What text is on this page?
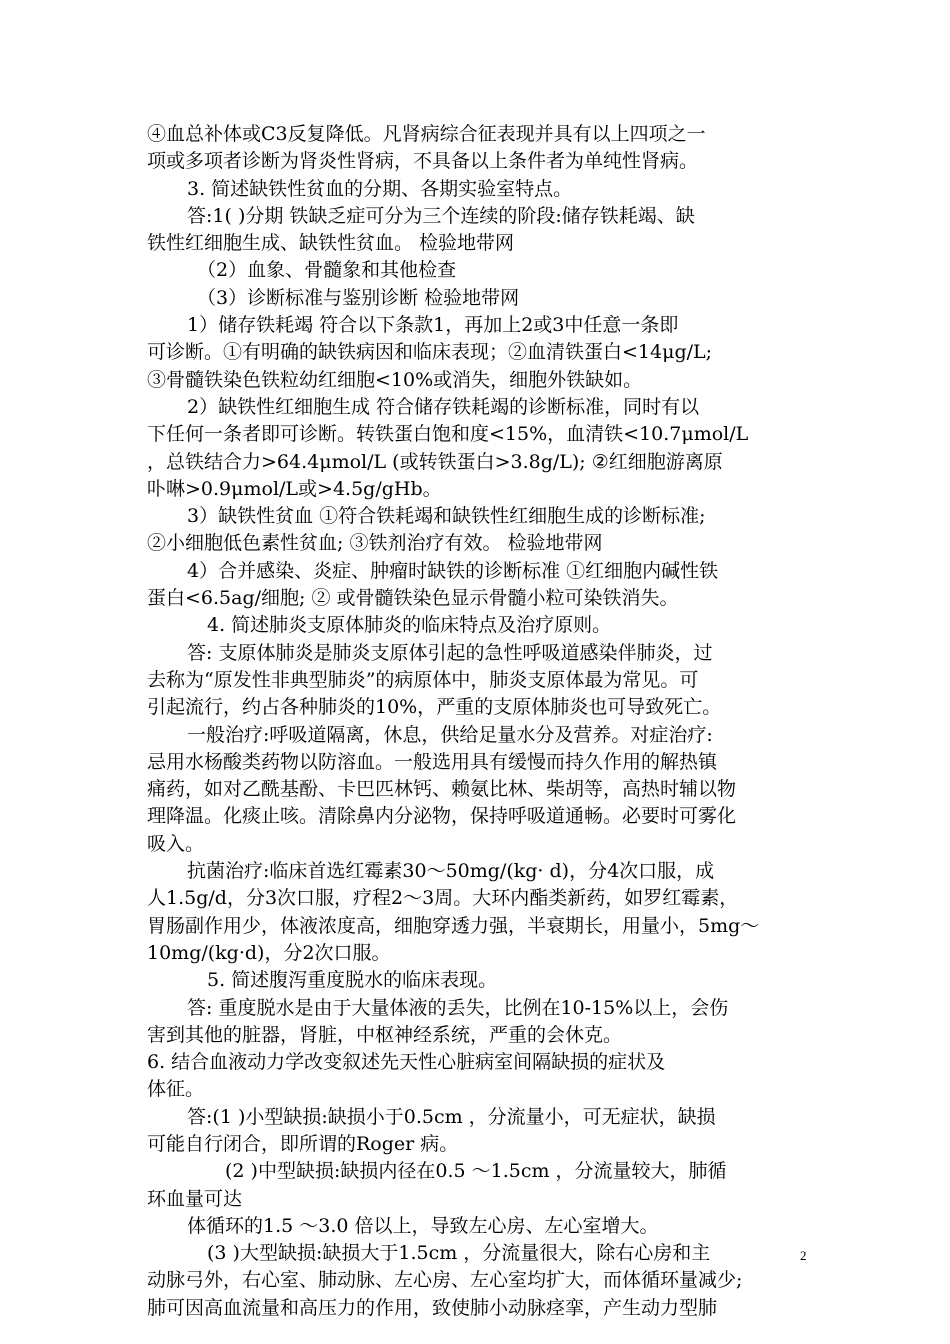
④血总补体或C3反复降低。凡肾病综合征表现并具有以上四项之一
项或多项者诊断为肾炎性肾病，不具备以上条件者为单纯性肾病。
3. 简述缺铁性贫血的分期、各期实验室特点。
答:1( )分期 铁缺乏症可分为三个连续的阶段:储存铁耗竭、缺
铁性红细胞生成、缺铁性贫血。 检验地带网
（2）血象、骨髓象和其他检查
（3）诊断标准与鉴别诊断 检验地带网
1）储存铁耗竭 符合以下条款1，再加上2或3中任意一条即
可诊断。①有明确的缺铁病因和临床表现；②血清铁蛋白<14μg/L;
③骨髓铁染色铁粒幼红细胞<10%或消失，细胞外铁缺如。
2）缺铁性红细胞生成 符合储存铁耗竭的诊断标准，同时有以
下任何一条者即可诊断。转铁蛋白饱和度<15%，血清铁<10.7μmol/L
，总铁结合力>64.4μmol/L (或转铁蛋白>3.8g/L); ②红细胞游离原
卟啉>0.9μmol/L或>4.5g/gHb。
3）缺铁性贫血 ①符合铁耗竭和缺铁性红细胞生成的诊断标准;
②小细胞低色素性贫血; ③铁剂治疗有效。 检验地带网
4）合并感染、炎症、肿瘤时缺铁的诊断标准 ①红细胞内碱性铁
蛋白<6.5ag/细胞; ② 或骨髓铁染色显示骨髓小粒可染铁消失。
4. 简述肺炎支原体肺炎的临床特点及治疗原则。
答: 支原体肺炎是肺炎支原体引起的急性呼吸道感染伴肺炎，过
去称为“原发性非典型肺炎”的病原体中，肺炎支原体最为常见。可
引起流行，约占各种肺炎的10%，严重的支原体肺炎也可导致死亡。
一般治疗:呼吸道隔离，休息，供给足量水分及营养。对症治疗:
忌用水杨酸类药物以防溶血。一般选用具有缓慢而持久作用的解热镇
痛药，如对乙酰基酚、卡巴匹林钙、赖氨比林、柴胡等，高热时辅以物
理降温。化痰止咳。清除鼻内分泌物，保持呼吸道通畅。必要时可雾化
吸入。
抗菌治疗:临床首选红霉素30～50mg/(kg· d)，分4次口服，成
人1.5g/d，分3次口服，疗程2～3周。大环内酯类新药，如罗红霉素，
胃肠副作用少，体液浓度高，细胞穿透力强，半衰期长，用量小，5mg～
10mg/(kg·d)，分2次口服。
5. 简述腹泻重度脱水的临床表现。
答: 重度脱水是由于大量体液的丢失，比例在10-15%以上，会伤
害到其他的脏器，肾脏，中枢神经系统，严重的会休克。
6. 结合血液动力学改变叙述先天性心脏病室间隔缺损的症状及
体征。
答:(1 )小型缺损:缺损小于0.5cm ，分流量小，可无症状，缺损
可能自行闭合，即所谓的Roger 病。
(2 )中型缺损:缺损内径在0.5 ～1.5cm ，分流量较大，肺循
环血量可达
体循环的1.5 ～3.0 倍以上，导致左心房、左心室增大。
(3 )大型缺损:缺损大于1.5cm ，分流量很大，除右心房和主
动脉弓外，右心室、肺动脉、左心房、左心室均扩大，而体循环量减少;
肺可因高血流量和高压力的作用，致使肺小动脉痉挛，产生动力型肺
2
